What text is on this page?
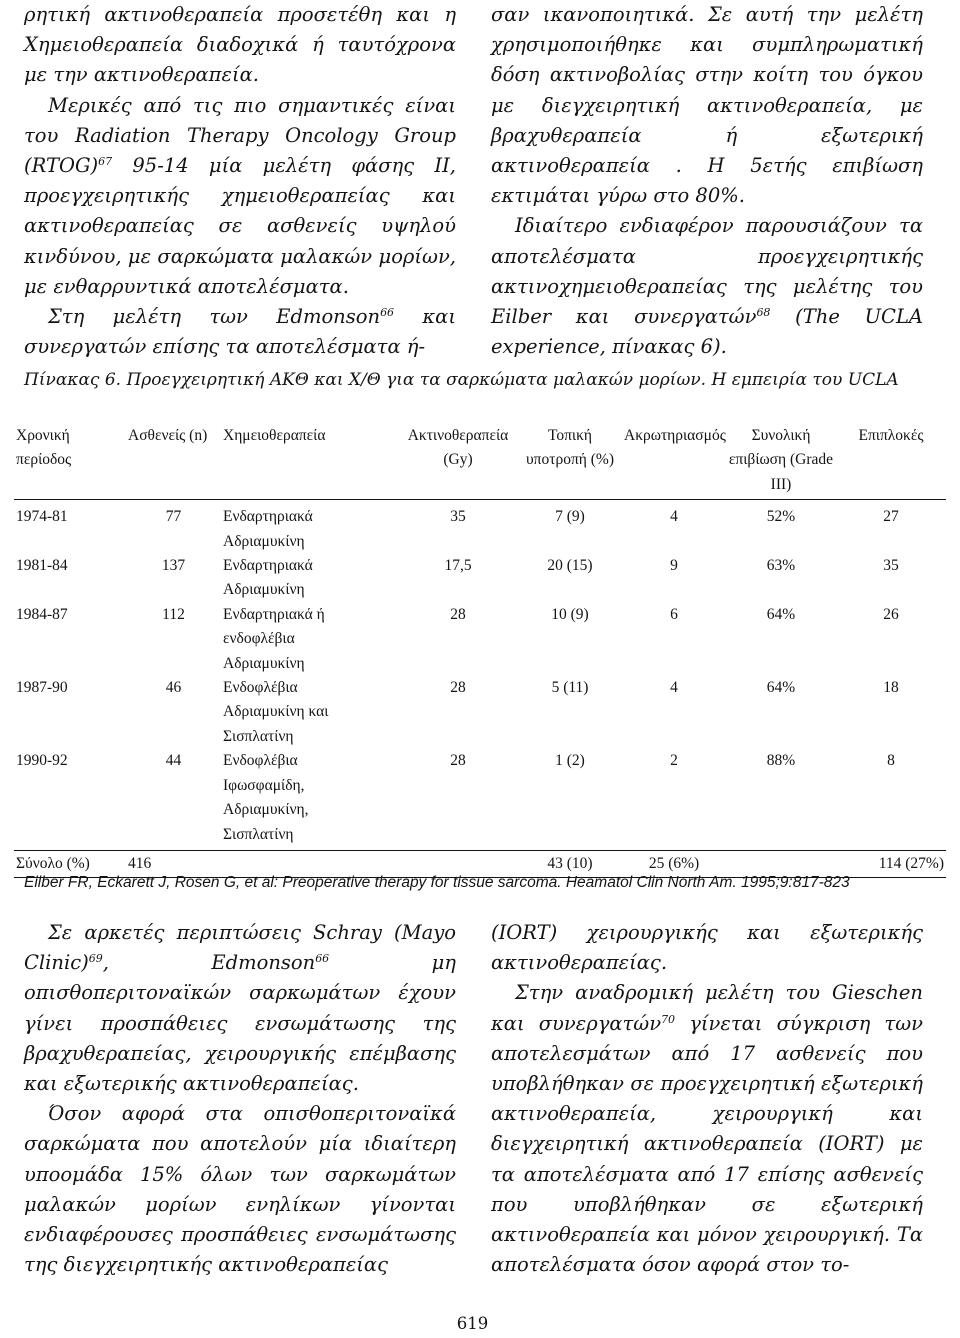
ρητική ακτινοθεραπεία προσετέθη και η Χημειοθεραπεία διαδοχικά ή ταυτόχρονα με την ακτινοθεραπεία.

Μερικές από τις πιο σημαντικές είναι του Radiation Therapy Oncology Group (RTOG)$^{67}$ 95-14 μία μελέτη φάσης ΙΙ, προεγχειρητικής χημειοθεραπείας και ακτινοθεραπείας σε ασθενείς υψηλού κινδύνου, με σαρκώματα μαλακών μορίων, με ενθαρρυντικά αποτελέσματα.

Στη μελέτη των Edmonson$^{66}$ και συνεργατών επίσης τα αποτελέσματα ή-

σαν ικανοποιητικά. Σε αυτή την μελέτη χρησιμοποιήθηκε και συμπληρωματική δόση ακτινοβολίας στην κοίτη του όγκου με διεγχειρητική ακτινοθεραπεία, με βραχυθεραπεία ή εξωτερική ακτινοθεραπεία . Η 5ετής επιβίωση εκτιμάται γύρω στο 80%.

Ιδιαίτερο ενδιαφέρον παρουσιάζουν τα αποτελέσματα προεγχειρητικής ακτινοχημειοθεραπείας της μελέτης του Eilber και συνεργατών$^{68}$ (The UCLA experience, πίνακας 6).

Πίνακας 6. Προεγχειρητική ΑΚΘ και Χ/Θ για τα σαρκώματα μαλακών μορίων. Η εμπειρία του UCLA
Χρονική περίοδος	Ασθενείς (n)	Χημειοθεραπεία	Ακτινοθεραπεία (Gy)	Τοπική υποτροπή (%)	Ακρωτηριασμός	Συνολική επιβίωση (Grade III)	Επιπλοκές
1974-81	77	Ενδαρτηριακά
Αδριαμυκίνη	35	7 (9)	4	52%	27
1981-84	137	Ενδαρτηριακά
Αδριαμυκίνη	17,5	20 (15)	9	63%	35
1984-87	112	Ενδαρτηριακά ή
ενδοφλέβια
Αδριαμυκίνη	28	10 (9)	6	64%	26
1987-90	46	Ενδοφλέβια
Αδριαμυκίνη και
Σισπλατίνη	28	5 (11)	4	64%	18
1990-92	44	Ενδοφλέβια
Ιφωσφαμίδη,
Αδριαμυκίνη,
Σισπλατίνη	28	1 (2)	2	88%	8
Σύνολο (%)	416			43 (10)	25 (6%)		114 (27%)
Eilber FR, Eckarett J, Rosen G, et al: Preoperative therapy for tissue sarcoma. Heamatol Clin North Am. 1995;9:817-823

Σε αρκετές περιπτώσεις Schray (Mayo Clinic)$^{69}$, Edmonson$^{66}$ μη οπισθοπεριτοναϊκών σαρκωμάτων έχουν γίνει προσπάθειες ενσωμάτωσης της βραχυθεραπείας, χειρουργικής επέμβασης και εξωτερικής ακτινοθεραπείας.

Όσον αφορά στα οπισθοπεριτοναϊκά σαρκώματα που αποτελούν μία ιδιαίτερη υποομάδα 15% όλων των σαρκωμάτων μαλακών μορίων ενηλίκων γίνονται ενδιαφέρουσες προσπάθειες ενσωμάτωσης της διεγχειρητικής ακτινοθεραπείας

(IORT) χειρουργικής και εξωτερικής ακτινοθεραπείας.

Στην αναδρομική μελέτη του Gieschen και συνεργατών$^{70}$ γίνεται σύγκριση των αποτελεσμάτων από 17 ασθενείς που υποβλήθηκαν σε προεγχειρητική εξωτερική ακτινοθεραπεία, χειρουργική και διεγχειρητική ακτινοθεραπεία (IORT) με τα αποτελέσματα από 17 επίσης ασθενείς που υποβλήθηκαν σε εξωτερική ακτινοθεραπεία και μόνον χειρουργική. Τα αποτελέσματα όσον αφορά στον το-

619
